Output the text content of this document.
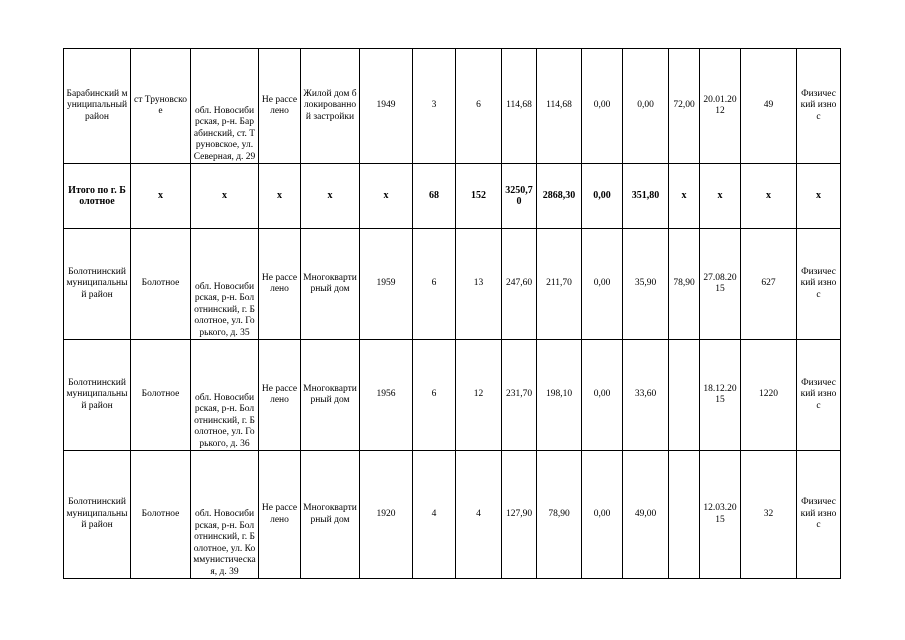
Барабинский муниципальный район	ст Труновское	обл. Новосибирская, р-н. Барабинский, ст. Труновское, ул. Северная, д. 29	Не расселено	Жилой дом блокированной застройки	1949	3	6	114,68	114,68	0,00	0,00	72,00	20.01.2012	49	Физический износ
Итого по г. Болотное	x	x	x	x	x	68	152	3250,70	2868,30	0,00	351,80	x	x	x	x
Болотнинский муниципальный район	Болотное	обл. Новосибирская, р-н. Болотнинский, г. Болотное, ул. Горького, д. 35	Не расселено	Многоквартирный дом	1959	6	13	247,60	211,70	0,00	35,90	78,90	27.08.2015	627	Физический износ
Болотнинский муниципальный район	Болотное	обл. Новосибирская, р-н. Болотнинский, г. Болотное, ул. Горького, д. 36	Не расселено	Многоквартирный дом	1956	6	12	231,70	198,10	0,00	33,60		18.12.2015	1220	Физический износ
Болотнинский муниципальный район	Болотное	обл. Новосибирская, р-н. Болотнинский, г. Болотное, ул. Коммунистическая, д. 39	Не расселено	Многоквартирный дом	1920	4	4	127,90	78,90	0,00	49,00		12.03.2015	32	Физический износ
